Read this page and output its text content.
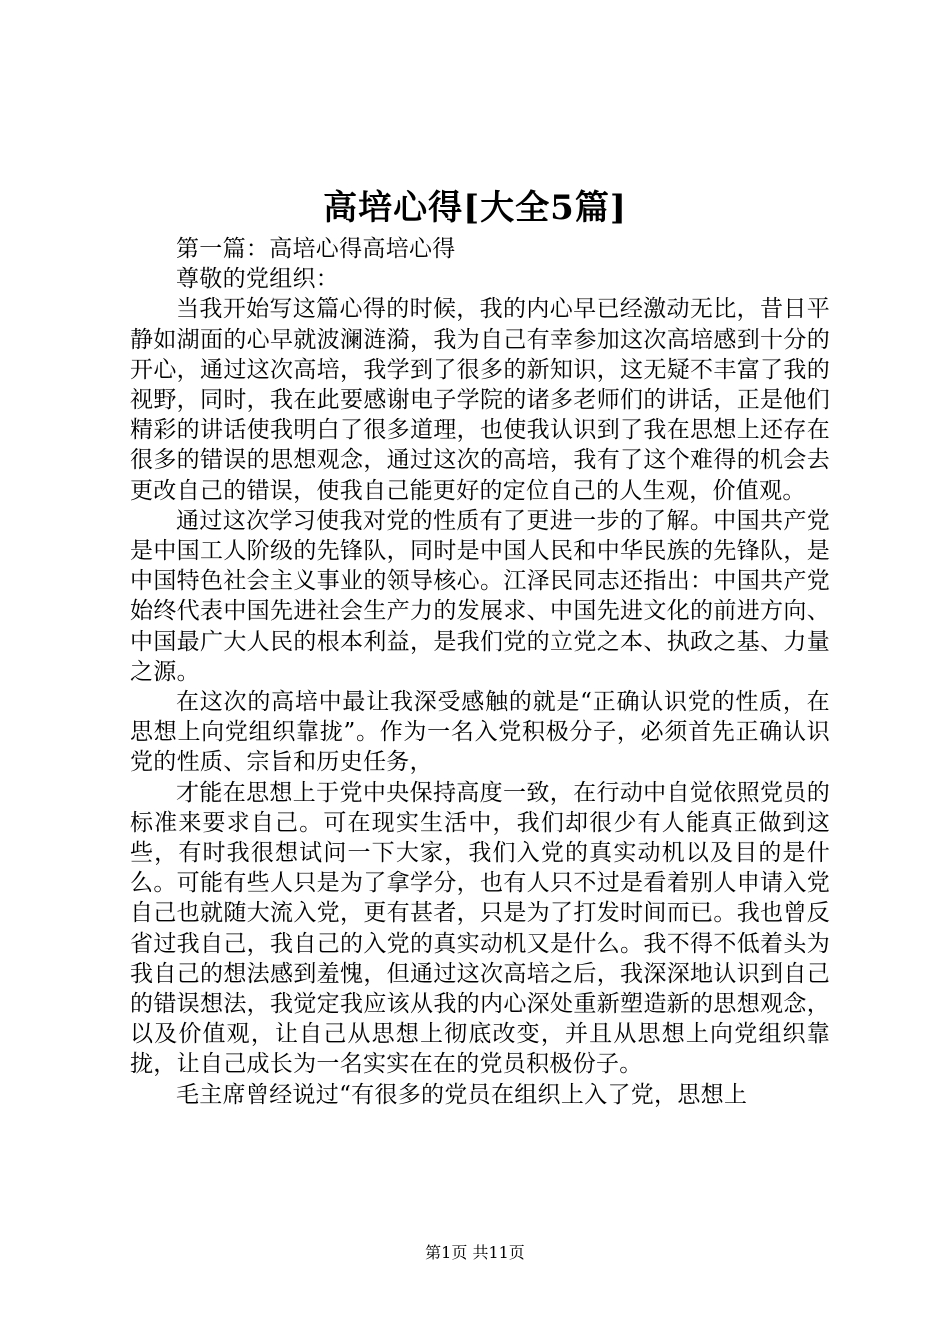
高培心得[大全5篇]

第一篇：高培心得高培心得

尊敬的党组织：

当我开始写这篇心得的时候，我的内心早已经激动无比，昔日平静如湖面的心早就波澜涟漪，我为自己有幸参加这次高培感到十分的开心，通过这次高培，我学到了很多的新知识，这无疑不丰富了我的视野，同时，我在此要感谢电子学院的诸多老师们的讲话，正是他们精彩的讲话使我明白了很多道理，也使我认识到了我在思想上还存在很多的错误的思想观念，通过这次的高培，我有了这个难得的机会去更改自己的错误，使我自己能更好的定位自己的人生观，价值观。

通过这次学习使我对党的性质有了更进一步的了解。中国共产党是中国工人阶级的先锋队，同时是中国人民和中华民族的先锋队，是中国特色社会主义事业的领导核心。江泽民同志还指出：中国共产党始终代表中国先进社会生产力的发展求、中国先进文化的前进方向、中国最广大人民的根本利益，是我们党的立党之本、执政之基、力量之源。

在这次的高培中最让我深受感触的就是“正确认识党的性质，在思想上向党组织靠拢”。作为一名入党积极分子，必须首先正确认识党的性质、宗旨和历史任务，

才能在思想上于党中央保持高度一致，在行动中自觉依照党员的标准来要求自己。可在现实生活中，我们却很少有人能真正做到这些，有时我很想试问一下大家，我们入党的真实动机以及目的是什么。可能有些人只是为了拿学分，也有人只不过是看着别人申请入党自己也就随大流入党，更有甚者，只是为了打发时间而已。我也曾反省过我自己，我自己的入党的真实动机又是什么。我不得不低着头为我自己的想法感到羞愧，但通过这次高培之后，我深深地认识到自己的错误想法，我觉定我应该从我的内心深处重新塑造新的思想观念，以及价值观，让自己从思想上彻底改变，并且从思想上向党组织靠拢，让自己成长为一名实实在在的党员积极份子。

毛主席曾经说过“有很多的党员在组织上入了党，思想上

第1页 共11页
